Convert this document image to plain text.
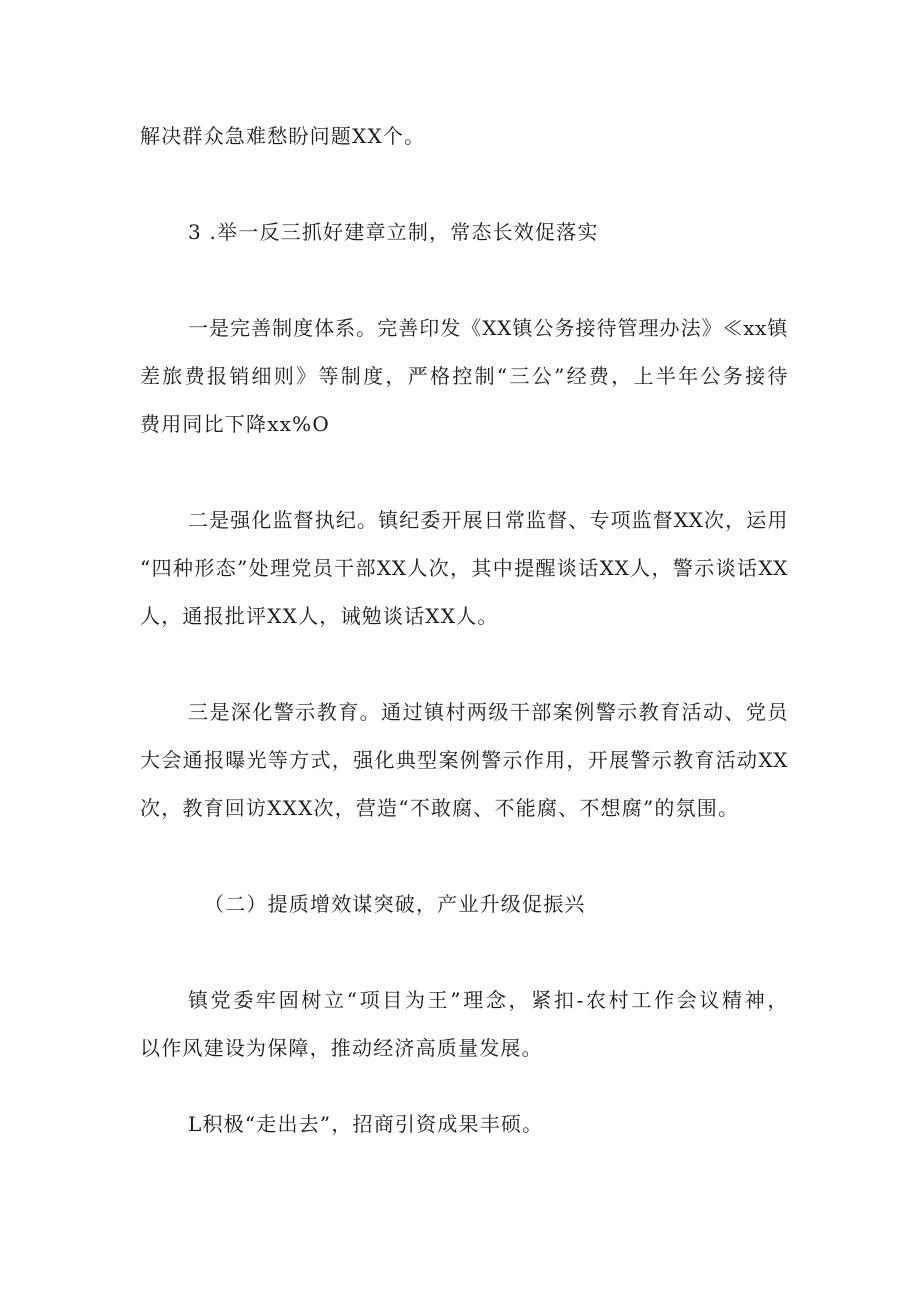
解决群众急难愁盼问题XX个。
3 .举一反三抓好建章立制，常态长效促落实
一是完善制度体系。完善印发《XX镇公务接待管理办法》≪xx镇
差旅费报销细则》等制度，严格控制“三公”经费，上半年公务接待
费用同比下降xx%O
二是强化监督执纪。镇纪委开展日常监督、专项监督XX次，运用
“四种形态”处理党员干部XX人次，其中提醒谈话XX人，警示谈话XX
人，通报批评XX人，诫勉谈话XX人。
三是深化警示教育。通过镇村两级干部案例警示教育活动、党员
大会通报曝光等方式，强化典型案例警示作用，开展警示教育活动XX
次，教育回访XXX次，营造“不敢腐、不能腐、不想腐”的氛围。
（二）提质增效谋突破，产业升级促振兴
镇党委牢固树立“项目为王”理念，紧扣-农村工作会议精神，
以作风建设为保障，推动经济高质量发展。
L积极“走出去”，招商引资成果丰硕。
